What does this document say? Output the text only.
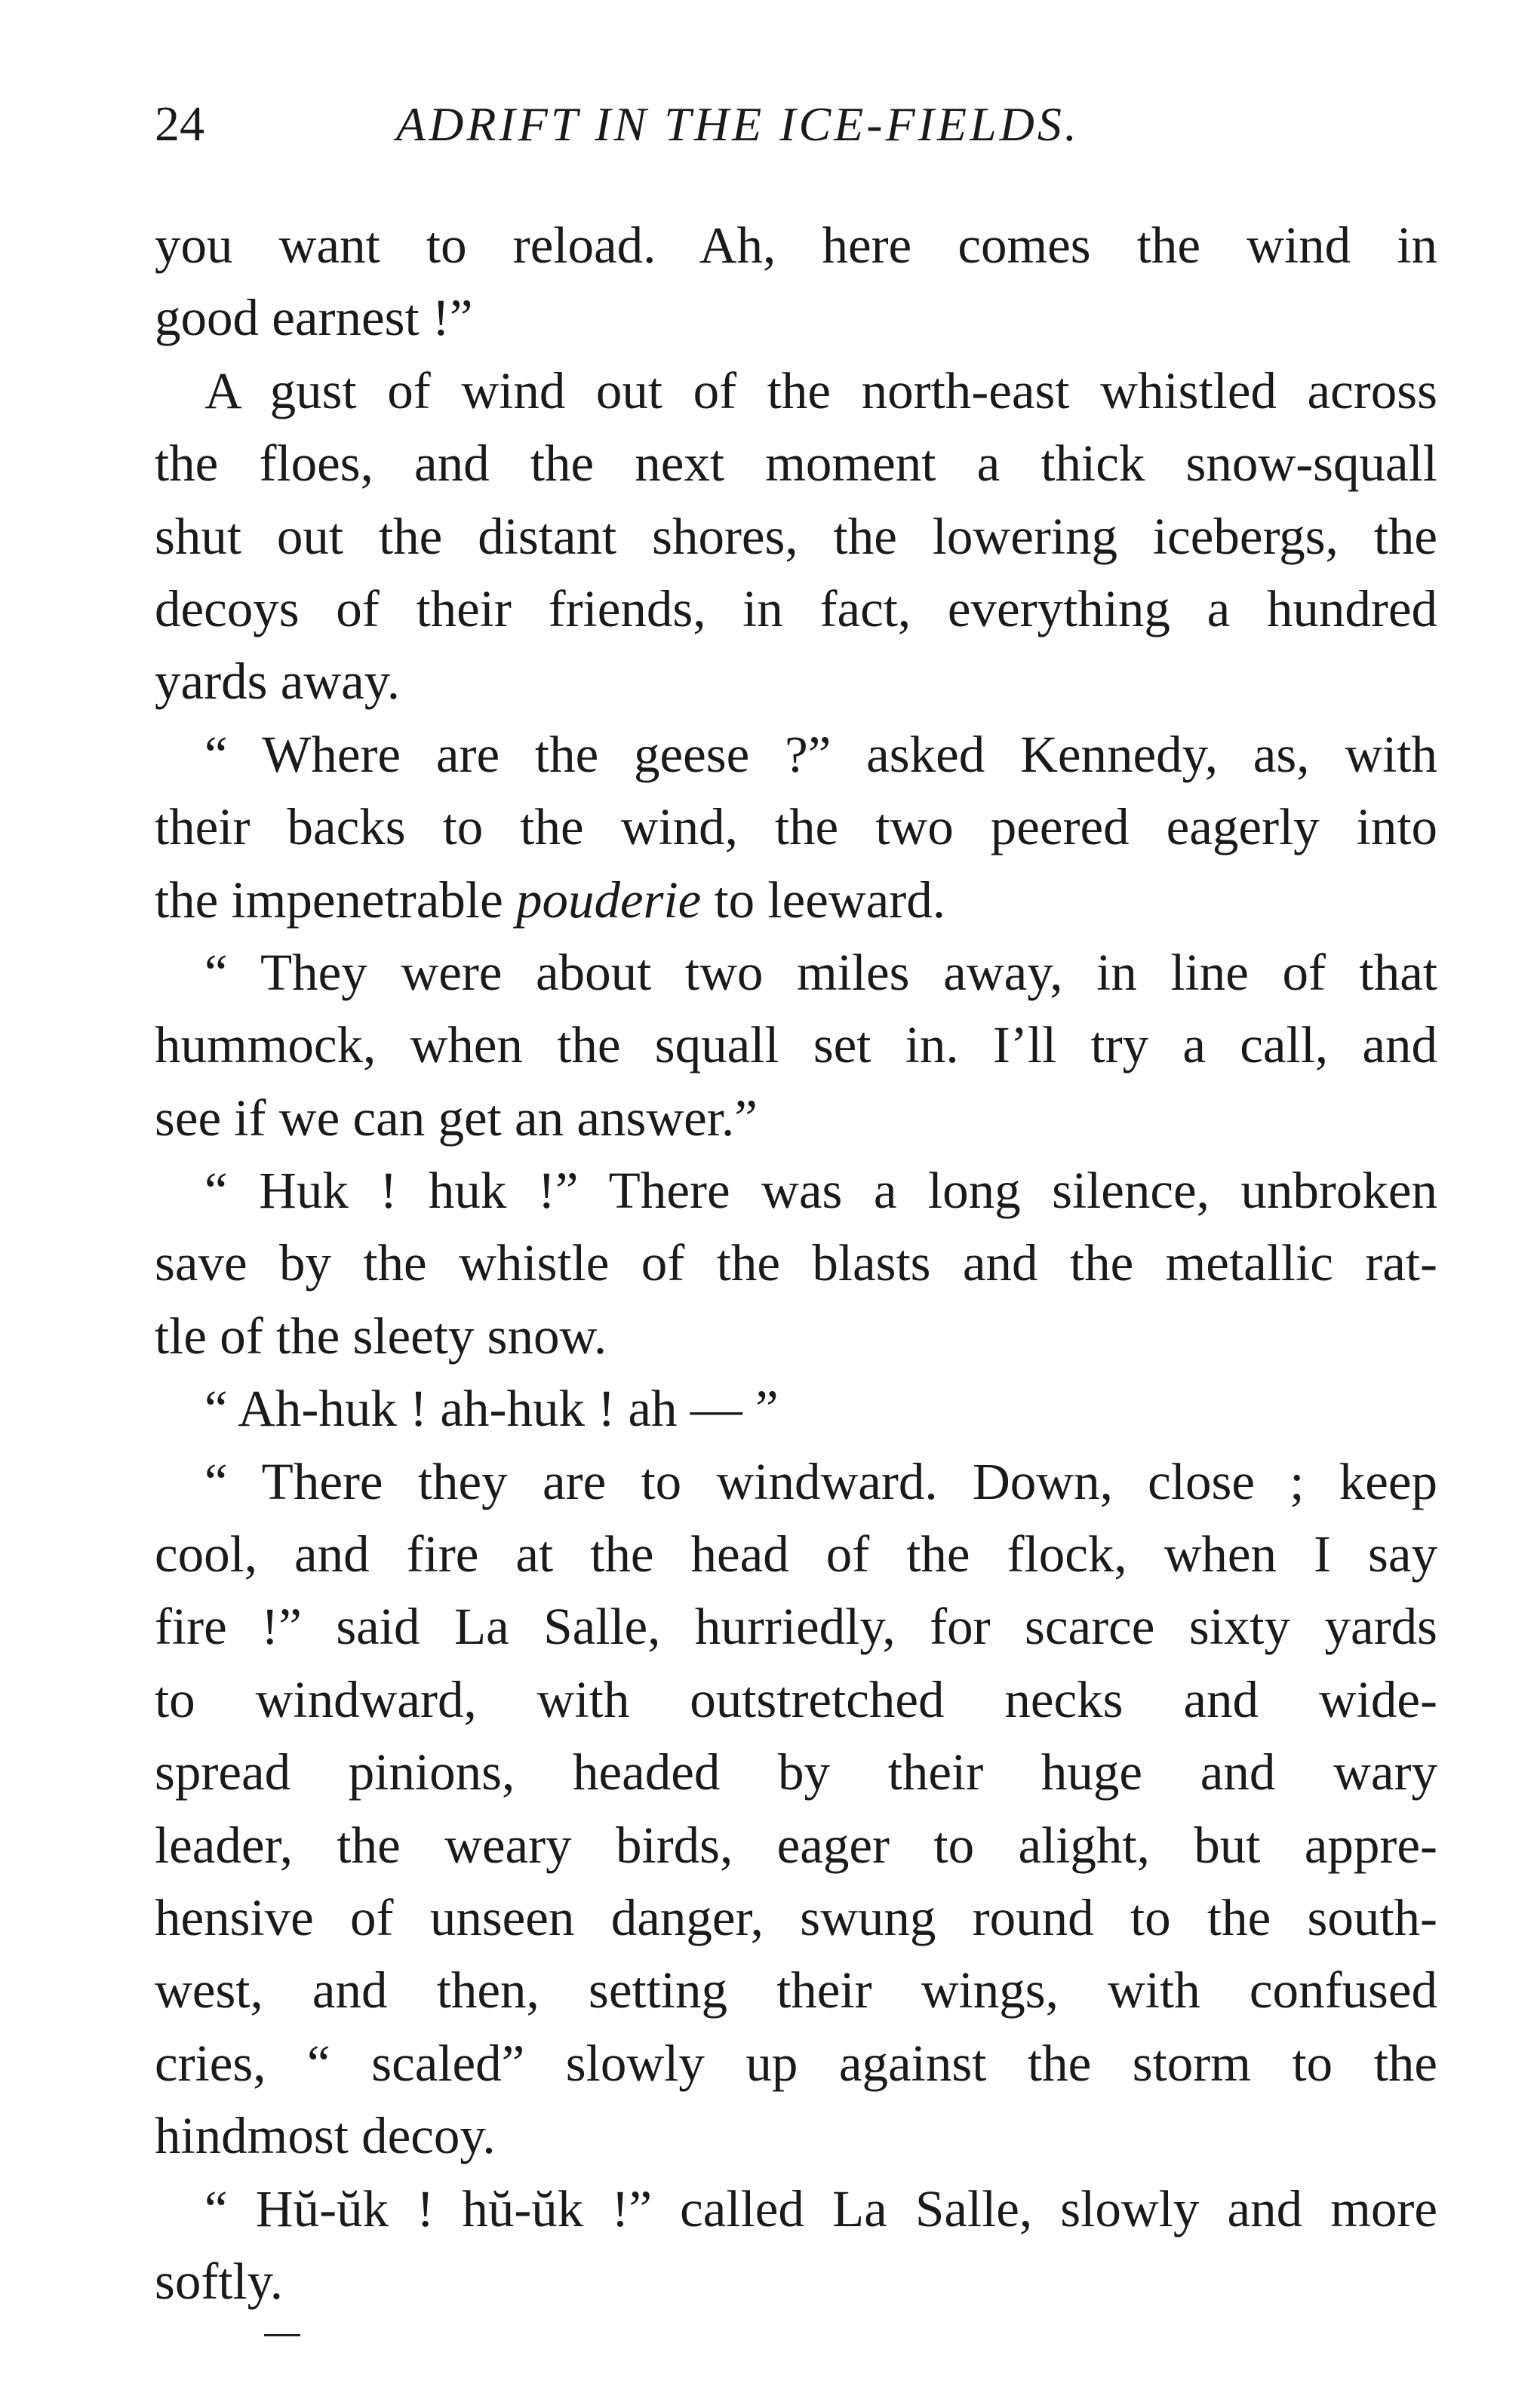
24	ADRIFT IN THE ICE-FIELDS.
you want to reload. Ah, here comes the wind in
good earnest !”
A gust of wind out of the north-east whistled across
the floes, and the next moment a thick snow-squall
shut out the distant shores, the lowering icebergs, the
decoys of their friends, in fact, everything a hundred
yards away.
“ Where are the geese ?” asked Kennedy, as, with
their backs to the wind, the two peered eagerly into
the impenetrable pouderie to leeward.
“ They were about two miles away, in line of that
hummock, when the squall set in. I’ll try a call, and
see if we can get an answer.”
“ Huk ! huk !” There was a long silence, unbroken
save by the whistle of the blasts and the metallic rat-
tle of the sleety snow.
“ Ah-huk ! ah-huk ! ah — ”
“ There they are to windward. Down, close ; keep
cool, and fire at the head of the flock, when I say
fire !” said La Salle, hurriedly, for scarce sixty yards
to windward, with outstretched necks and wide-
spread pinions, headed by their huge and wary
leader, the weary birds, eager to alight, but appre-
hensive of unseen danger, swung round to the south-
west, and then, setting their wings, with confused
cries, “ scaled” slowly up against the storm to the
hindmost decoy.
“ Hŭ-ŭk ! hŭ-ŭk !” called La Salle, slowly and more
softly.
